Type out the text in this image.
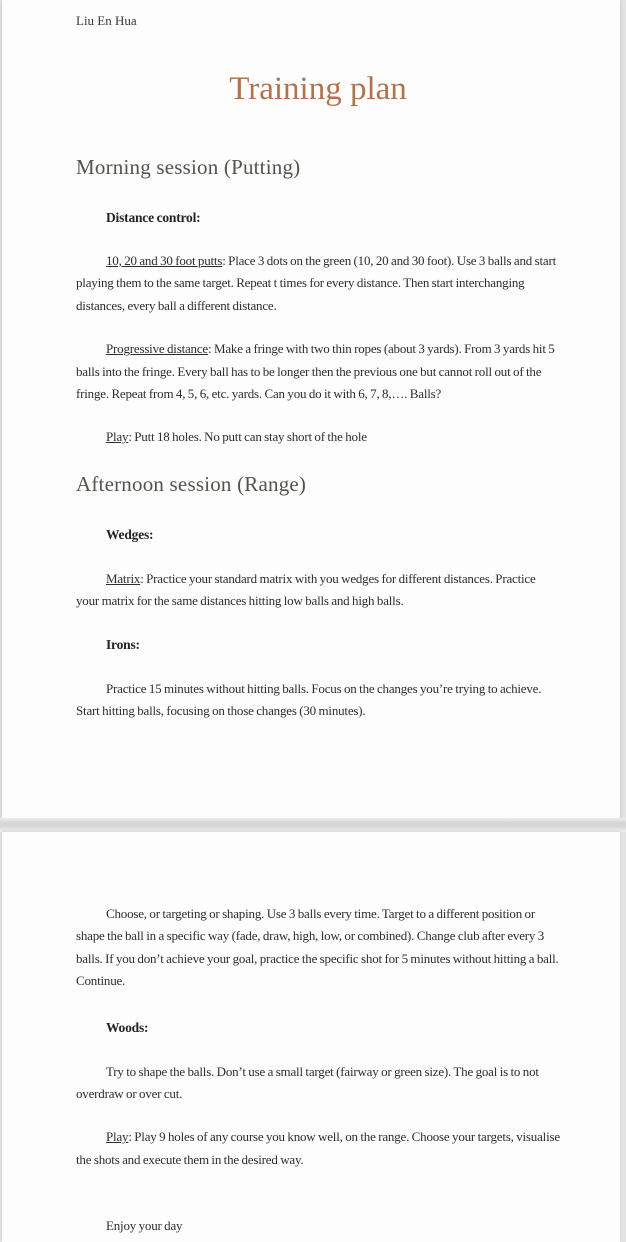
Liu En Hua
Training plan
Morning session (Putting)
Distance control:

10, 20 and 30 foot putts: Place 3 dots on the green (10, 20 and 30 foot). Use 3 balls and start playing them to the same target. Repeat t times for every distance. Then start interchanging distances, every ball a different distance.

Progressive distance: Make a fringe with two thin ropes (about 3 yards). From 3 yards hit 5 balls into the fringe. Every ball has to be longer then the previous one but cannot roll out of the fringe. Repeat from 4, 5, 6, etc. yards. Can you do it with 6, 7, 8,…. Balls?

Play: Putt 18 holes. No putt can stay short of the hole

Afternoon session (Range)
Wedges:

Matrix: Practice your standard matrix with you wedges for different distances. Practice your matrix for the same distances hitting low balls and high balls.

Irons:

Practice 15 minutes without hitting balls. Focus on the changes you’re trying to achieve. Start hitting balls, focusing on those changes (30 minutes).

Choose, or targeting or shaping. Use 3 balls every time. Target to a different position or shape the ball in a specific way (fade, draw, high, low, or combined). Change club after every 3 balls. If you don’t achieve your goal, practice the specific shot for 5 minutes without hitting a ball. Continue.

Woods:

Try to shape the balls. Don’t use a small target (fairway or green size). The goal is to not overdraw or over cut.

Play: Play 9 holes of any course you know well, on the range. Choose your targets, visualise the shots and execute them in the desired way.

Enjoy your day
